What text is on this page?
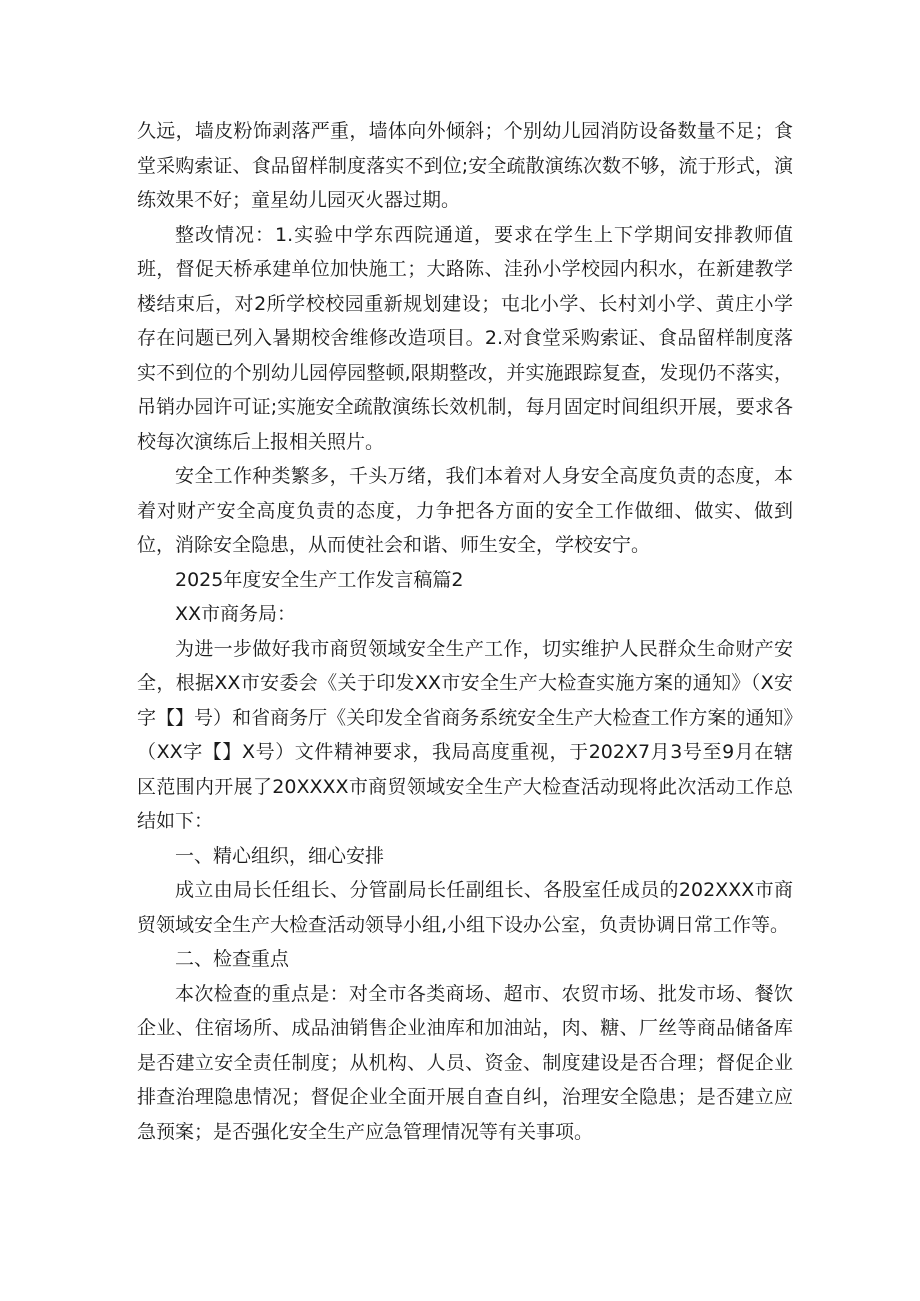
久远，墙皮粉饰剥落严重，墙体向外倾斜；个别幼儿园消防设备数量不足；食堂采购索证、食品留样制度落实不到位;安全疏散演练次数不够，流于形式，演练效果不好；童星幼儿园灭火器过期。

整改情况：1.实验中学东西院通道，要求在学生上下学期间安排教师值班，督促天桥承建单位加快施工；大路陈、洼孙小学校园内积水，在新建教学楼结束后，对2所学校校园重新规划建设；屯北小学、长村刘小学、黄庄小学存在问题已列入暑期校舍维修改造项目。2.对食堂采购索证、食品留样制度落实不到位的个别幼儿园停园整顿,限期整改，并实施跟踪复查，发现仍不落实，吊销办园许可证;实施安全疏散演练长效机制，每月固定时间组织开展，要求各校每次演练后上报相关照片。

安全工作种类繁多，千头万绪，我们本着对人身安全高度负责的态度，本着对财产安全高度负责的态度，力争把各方面的安全工作做细、做实、做到位，消除安全隐患，从而使社会和谐、师生安全，学校安宁。

2025年度安全生产工作发言稿篇2

XX市商务局：

为进一步做好我市商贸领域安全生产工作，切实维护人民群众生命财产安全，根据XX市安委会《关于印发XX市安全生产大检查实施方案的通知》（X安字【】号）和省商务厅《关印发全省商务系统安全生产大检查工作方案的通知》（XX字【】X号）文件精神要求，我局高度重视，于202X7月3号至9月在辖区范围内开展了20XXXX市商贸领域安全生产大检查活动现将此次活动工作总结如下：

一、精心组织，细心安排

成立由局长任组长、分管副局长任副组长、各股室任成员的202XXX市商贸领域安全生产大检查活动领导小组,小组下设办公室，负责协调日常工作等。

二、检查重点

本次检查的重点是：对全市各类商场、超市、农贸市场、批发市场、餐饮企业、住宿场所、成品油销售企业油库和加油站，肉、糖、厂丝等商品储备库是否建立安全责任制度；从机构、人员、资金、制度建设是否合理；督促企业排查治理隐患情况；督促企业全面开展自查自纠，治理安全隐患；是否建立应急预案；是否强化安全生产应急管理情况等有关事项。
